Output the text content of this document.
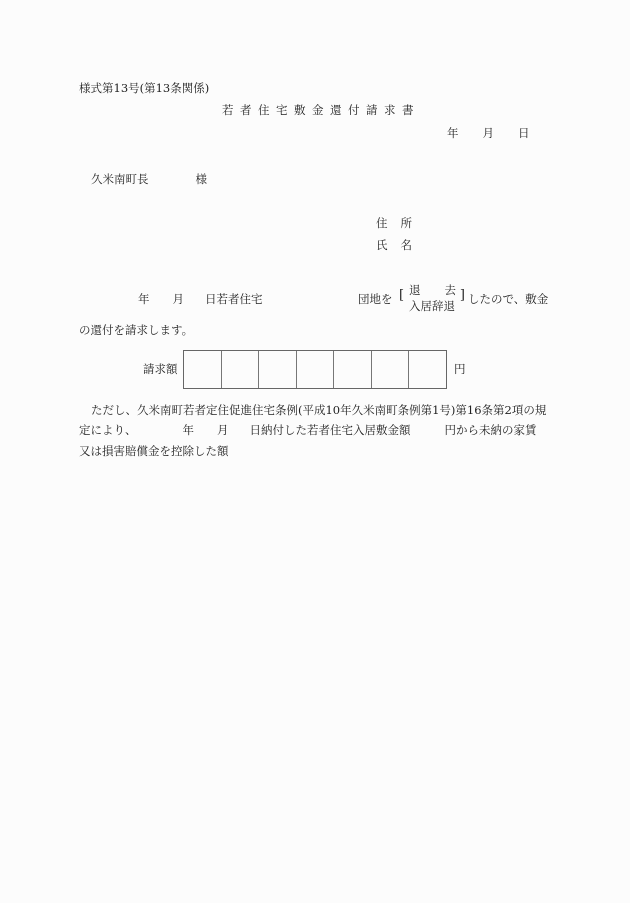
様式第13号(第13条関係)
若者住宅敷金還付請求書
年 月 日
久米南町長	様
住 所
氏 名
年 月 日若者住宅	団地を [ 退 去
入居辞退
] したので、敷金
の還付を請求します。
請求額	円
ただし、久米南町若者定住促進住宅条例(平成10年久米南町条例第1号)第16条第2項の規
定により、	年 月 日納付した若者住宅入居敷金額	円から未納の家賃
又は損害賠償金を控除した額
